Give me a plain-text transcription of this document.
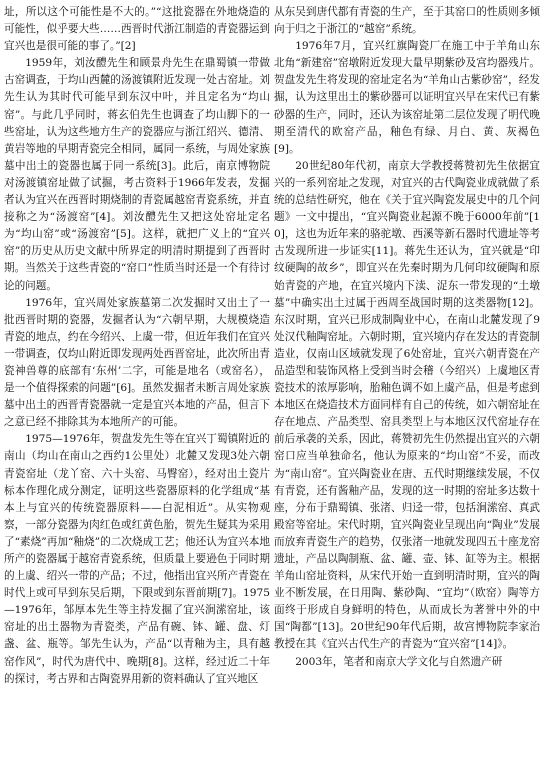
址，所以这个可能性是不大的。”“这批瓷器在外地烧造的可能性，似乎要大些……西晋时代浙江制造的青瓷器运到宜兴也是很可能的事了。”[2]

1959年，刘汝醴先生和顾景舟先生在鼎蜀镇一带做古窑调查，于均山西麓的汤渡镇附近发现一处古窑址。刘先生认为其时代可能早到东汉中叶，并且定名为“均山窑”。与此几乎同时，蒋玄伯先生也调查了均山脚下的一些窑址，认为这些地方生产的瓷器应与浙江绍兴、德清、黄岩等地的早期青瓷完全相同，属同一系统，与周处家族墓中出土的瓷器也属于同一系统[3]。此后，南京博物院对汤渡镇窑址做了试掘，考古资料于1966年发表，发掘者认为宜兴在西晋时期烧制的青瓷属越窑青瓷系统，并直接称之为“汤渡窑”[4]。刘汝醴先生又把这处窑址定名为“均山窑”或“汤渡窑”[5]。这样，就把广义上的“宜兴窑”的历史从历史文献中所界定的明清时期提到了西晋时期。当然关于这些青瓷的“窑口”性质当时还是一个有待讨论的问题。

1976年，宜兴周处家族墓第二次发掘时又出土了一批西晋时期的瓷器，发掘者认为“六朝早期，大规模烧造青瓷的地点，约在今绍兴、上虞一带，但近年我们在宜兴一带调查，仅均山附近即发现两处西晋窑址，此次所出青瓷神兽尊的底部有‘东州’二字，可能是地名（或窑名），是一个值得探索的问题”[6]。虽然发掘者未断言周处家族墓中出土的西晋青瓷器就一定是宜兴本地的产品，但言下之意已经不排除其为本地所产的可能。

1975—1976年，贺盘发先生等在宜兴丁蜀镇附近的南山（均山在南山之西约1公里处）北麓又发现3处六朝青瓷窑址（龙丫窑、六十头窑、马臀窑），经对出土瓷片标本作理化成分测定，证明这些瓷器原料的化学组成“基本上与宜兴的传统瓷器原料——白泥相近”。从实物观察，一部分瓷器为肉红色或红黄色胎，贺先生疑其为采用了“素烧”再加“釉烧”的二次烧成工艺；他还认为宜兴本地所产的瓷器属于越窑青瓷系统，但质量上要逊色于同时期的上虞、绍兴一带的产品；不过，他指出宜兴所产青瓷在时代上或可早到东吴后期，下限或到东晋前期[7]。1975—1976年，邹厚本先生等主持发掘了宜兴涧潆窑址，该窑址的出土器物为青瓷类，产品有碗、钵、罐、盘、灯盏、盆、瓶等。邹先生认为，产品“以青釉为主，具有越窑作风”，时代为唐代中、晚期[8]。这样，经过近二十年的探讨，考古界和古陶瓷界用新的资料确认了宜兴地区

从东吴到唐代都有青瓷的生产，至于其窑口的性质则多倾向于归之于浙江的“越窑”系统。

1976年7月，宜兴红旗陶瓷厂在施工中于羊角山东北角“新建窑”窑墩附近发现大量早期紫砂及宫均器残片。贺盘发先生将发现的窑址定名为“羊角山古紫砂窑”，经发掘，认为这里出土的紫砂器可以证明宜兴早在宋代已有紫砂器的生产，同时，还认为该窑址第二层位发现了明代晚期至清代的欧窑产品，釉色有绿、月白、黄、灰褐色[9]。

20世纪80年代初，南京大学教授蒋赞初先生依据宜兴的一系列窑址之发现，对宜兴的古代陶瓷业成就做了系统的总结性研究，他在《关于宜兴陶瓷发展史中的几个问题》一文中提出，“宜兴陶瓷业起源不晚于6000年前”[10]，这也为近年来的骆驼墩、西溪等新石器时代遗址等考古发现所进一步证实[11]。蒋先生还认为，宜兴就是“印纹硬陶的故乡”，即宜兴在先秦时期为几何印纹硬陶和原始青瓷的产地，在宜兴境内下渎、浞东一带发现的“土墩墓”中确实出土过属于西周至战国时期的这类器物[12]。东汉时期，宜兴已形成制陶业中心，在南山北麓发现了9处汉代釉陶窑址。六朝时期，宜兴境内存在发达的青瓷制造业，仅南山区域就发现了6处窑址，宜兴六朝青瓷在产品造型和装饰风格上受到当时会稽（今绍兴）上虞地区青瓷技术的浓厚影响，胎釉色调不如上虞产品，但是考虑到本地区在烧造技术方面同样有自己的传统，如六朝窑址在存在地点、产品类型、窑具类型上与本地区汉代窑址存在前后承袭的关系，因此，蒋赞初先生仍然提出宜兴的六朝窑口应当单独命名，他认为原来的“均山窑”不妥，而改为“南山窑”。宜兴陶瓷业在唐、五代时期继续发展，不仅有青瓷，还有酱釉产品，发现的这一时期的窑址多达数十座，分布于鼎蜀镇、张渚、归迳一带，包括涧潆窑、真武殿窑等窑址。宋代时期，宜兴陶瓷业呈现出向“陶业”发展而放弃青瓷生产的趋势，仅张渚一地就发现四五十座龙窑遗址，产品以陶制瓶、盆、罐、壶、钵、缸等为主。根据羊角山窑址资料，从宋代开始一直到明清时期，宜兴的陶业不断发展，在日用陶、紫砂陶、“宜均”（欧窑）陶等方面终于形成自身鲜明的特色，从而成长为著誉中外的中国“陶都”[13]。20世纪90年代后期，故宫博物院李家治教授在其《宜兴古代生产的青瓷为“宜兴窑”[14]》。

2003年，笔者和南京大学文化与自然遗产研
